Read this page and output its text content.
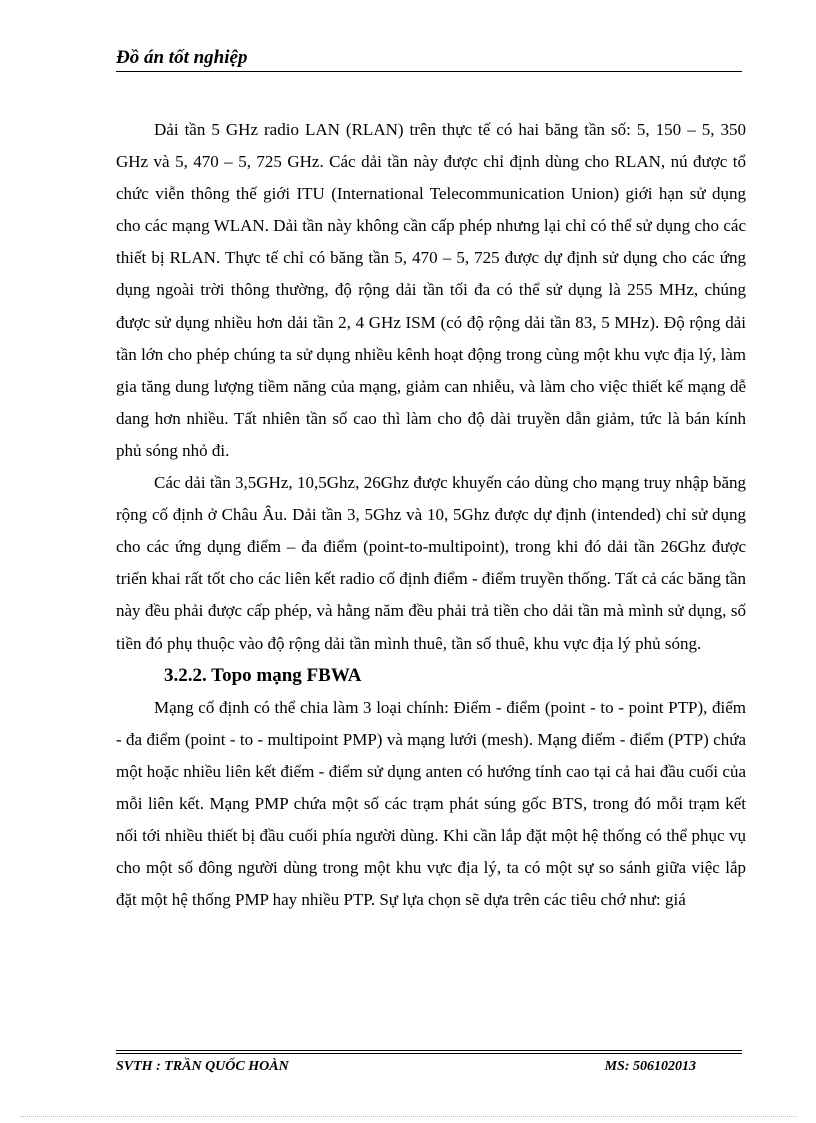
Đồ án tốt nghiệp

Dải tần 5 GHz radio LAN (RLAN) trên thực tế có hai băng tần số: 5, 150 – 5, 350 GHz và 5, 470 – 5, 725 GHz. Các dải tần này được chỉ định dùng cho RLAN, nú được tổ chức viễn thông thế giới ITU (International Telecommunication Union) giới hạn sử dụng cho các mạng WLAN. Dải tần này không cần cấp phép nhưng lại chỉ có thể sử dụng cho các thiết bị RLAN. Thực tế chỉ có băng tần 5, 470 – 5, 725 được dự định sử dụng cho các ứng dụng ngoài trời thông thường, độ rộng dải tần tối đa có thể sử dụng là 255 MHz, chúng được sử dụng nhiều hơn dải tần 2, 4 GHz ISM (có độ rộng dải tần 83, 5 MHz). Độ rộng dải tần lớn cho phép chúng ta sử dụng nhiều kênh hoạt động trong cùng một khu vực địa lý, làm gia tăng dung lượng tiềm năng của mạng, giảm can nhiễu, và làm cho việc thiết kế mạng dễ dang hơn nhiều. Tất nhiên tần số cao thì làm cho độ dài truyền dẫn giảm, tức là bán kính phủ sóng nhỏ đi.

Các dải tần 3,5GHz, 10,5Ghz, 26Ghz được khuyến cáo dùng cho mạng truy nhập băng rộng cố định ở Châu Âu. Dải tần 3, 5Ghz và 10, 5Ghz được dự định (intended) chỉ sử dụng cho các ứng dụng điểm – đa điểm (point-to-multipoint), trong khi đó dải tần 26Ghz được triển khai rất tốt cho các liên kết radio cố định điểm - điểm truyền thống. Tất cả các băng tần này đều phải được cấp phép, và hằng năm đều phải trả tiền cho dải tần mà mình sử dụng, số tiền đó phụ thuộc vào độ rộng dải tần mình thuê, tần số thuê, khu vực địa lý phủ sóng.

3.2.2. Topo mạng FBWA

Mạng cố định có thể chia làm 3 loại chính: Điểm - điểm (point - to - point PTP), điểm - đa điểm (point - to - multipoint PMP) và mạng lưới (mesh). Mạng điểm - điểm (PTP) chứa một hoặc nhiều liên kết điểm - điểm sử dụng anten có hướng tính cao tại cả hai đầu cuối của mỗi liên kết. Mạng PMP chứa một số các trạm phát súng gốc BTS, trong đó mỗi trạm kết nối tới nhiều thiết bị đầu cuối phía người dùng. Khi cần lắp đặt một hệ thống có thể phục vụ cho một số đông người dùng trong một khu vực địa lý, ta có một sự so sánh giữa việc lắp đặt một hệ thống PMP hay nhiều PTP. Sự lựa chọn sẽ dựa trên các tiêu chớ như: giá

SVTH : TRẦN QUỐC HOÀN	MS: 506102013
